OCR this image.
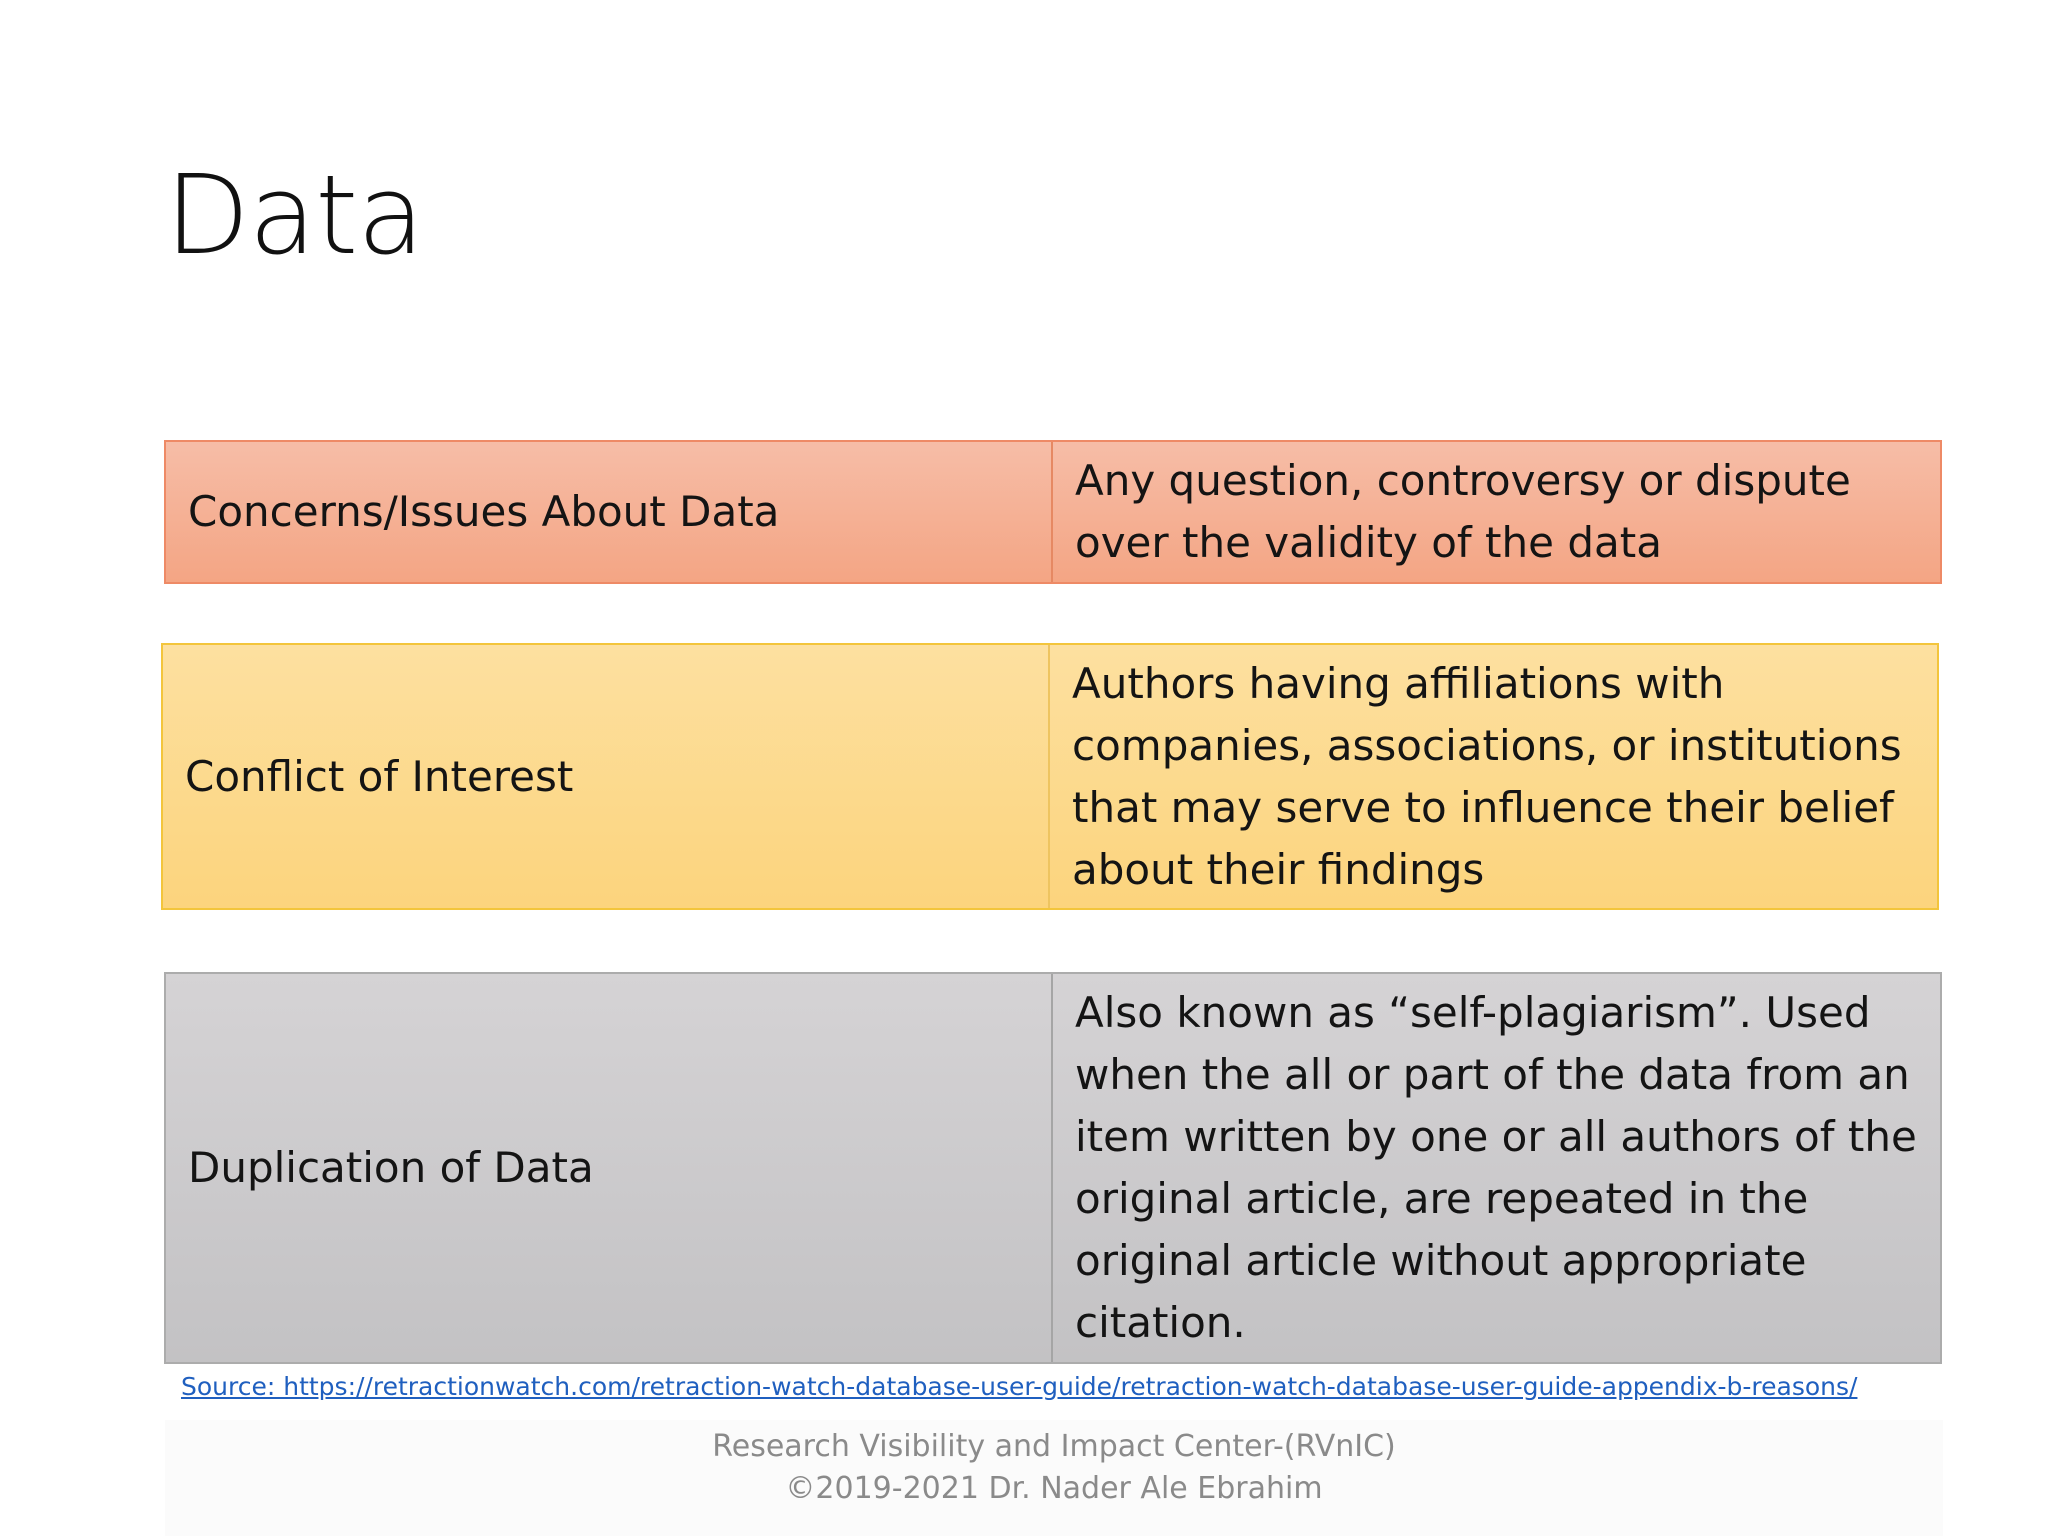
Data
Concerns/Issues About Data
Any question, controversy or dispute over the validity of the data
Conflict of Interest
Authors having affiliations with companies, associations, or institutions that may serve to influence their belief about their findings
Duplication of Data
Also known as “self-plagiarism”. Used when the all or part of the data from an item written by one or all authors of the original article, are repeated in the original article without appropriate citation.
Source: https://retractionwatch.com/retraction-watch-database-user-guide/retraction-watch-database-user-guide-appendix-b-reasons/
Research Visibility and Impact Center-(RVnIC)
©2019-2021 Dr. Nader Ale Ebrahim
